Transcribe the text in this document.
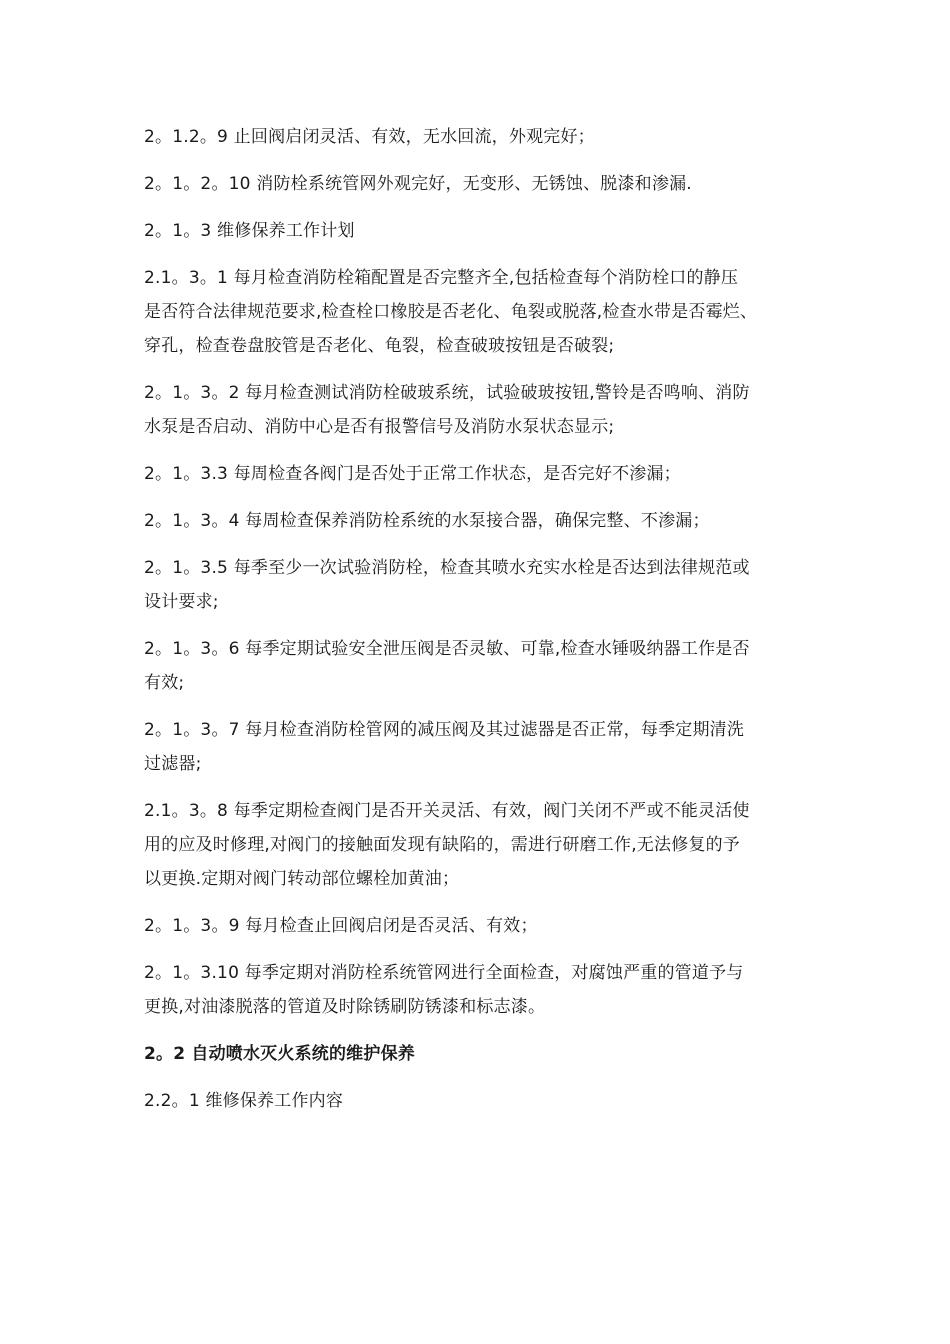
2。1.2。9 止回阀启闭灵活、有效，无水回流，外观完好；

2。1。2。10 消防栓系统管网外观完好，无变形、无锈蚀、脱漆和渗漏.

2。1。3 维修保养工作计划

2.1。3。1 每月检查消防栓箱配置是否完整齐全,包括检查每个消防栓口的静压
是否符合法律规范要求,检查栓口橡胶是否老化、龟裂或脱落,检查水带是否霉烂、
穿孔，检查卷盘胶管是否老化、龟裂，检查破玻按钮是否破裂;

2。1。3。2 每月检查测试消防栓破玻系统，试验破玻按钮,警铃是否鸣响、消防
水泵是否启动、消防中心是否有报警信号及消防水泵状态显示;

2。1。3.3 每周检查各阀门是否处于正常工作状态，是否完好不渗漏；

2。1。3。4 每周检查保养消防栓系统的水泵接合器，确保完整、不渗漏；

2。1。3.5 每季至少一次试验消防栓，检查其喷水充实水栓是否达到法律规范或
设计要求;

2。1。3。6 每季定期试验安全泄压阀是否灵敏、可靠,检查水锤吸纳器工作是否
有效;

2。1。3。7 每月检查消防栓管网的减压阀及其过滤器是否正常，每季定期清洗
过滤器;

2.1。3。8 每季定期检查阀门是否开关灵活、有效，阀门关闭不严或不能灵活使
用的应及时修理,对阀门的接触面发现有缺陷的，需进行研磨工作,无法修复的予
以更换.定期对阀门转动部位螺栓加黄油；

2。1。3。9 每月检查止回阀启闭是否灵活、有效；

2。1。3.10 每季定期对消防栓系统管网进行全面检查，对腐蚀严重的管道予与
更换,对油漆脱落的管道及时除锈刷防锈漆和标志漆。

2。2 自动喷水灭火系统的维护保养

2.2。1 维修保养工作内容
